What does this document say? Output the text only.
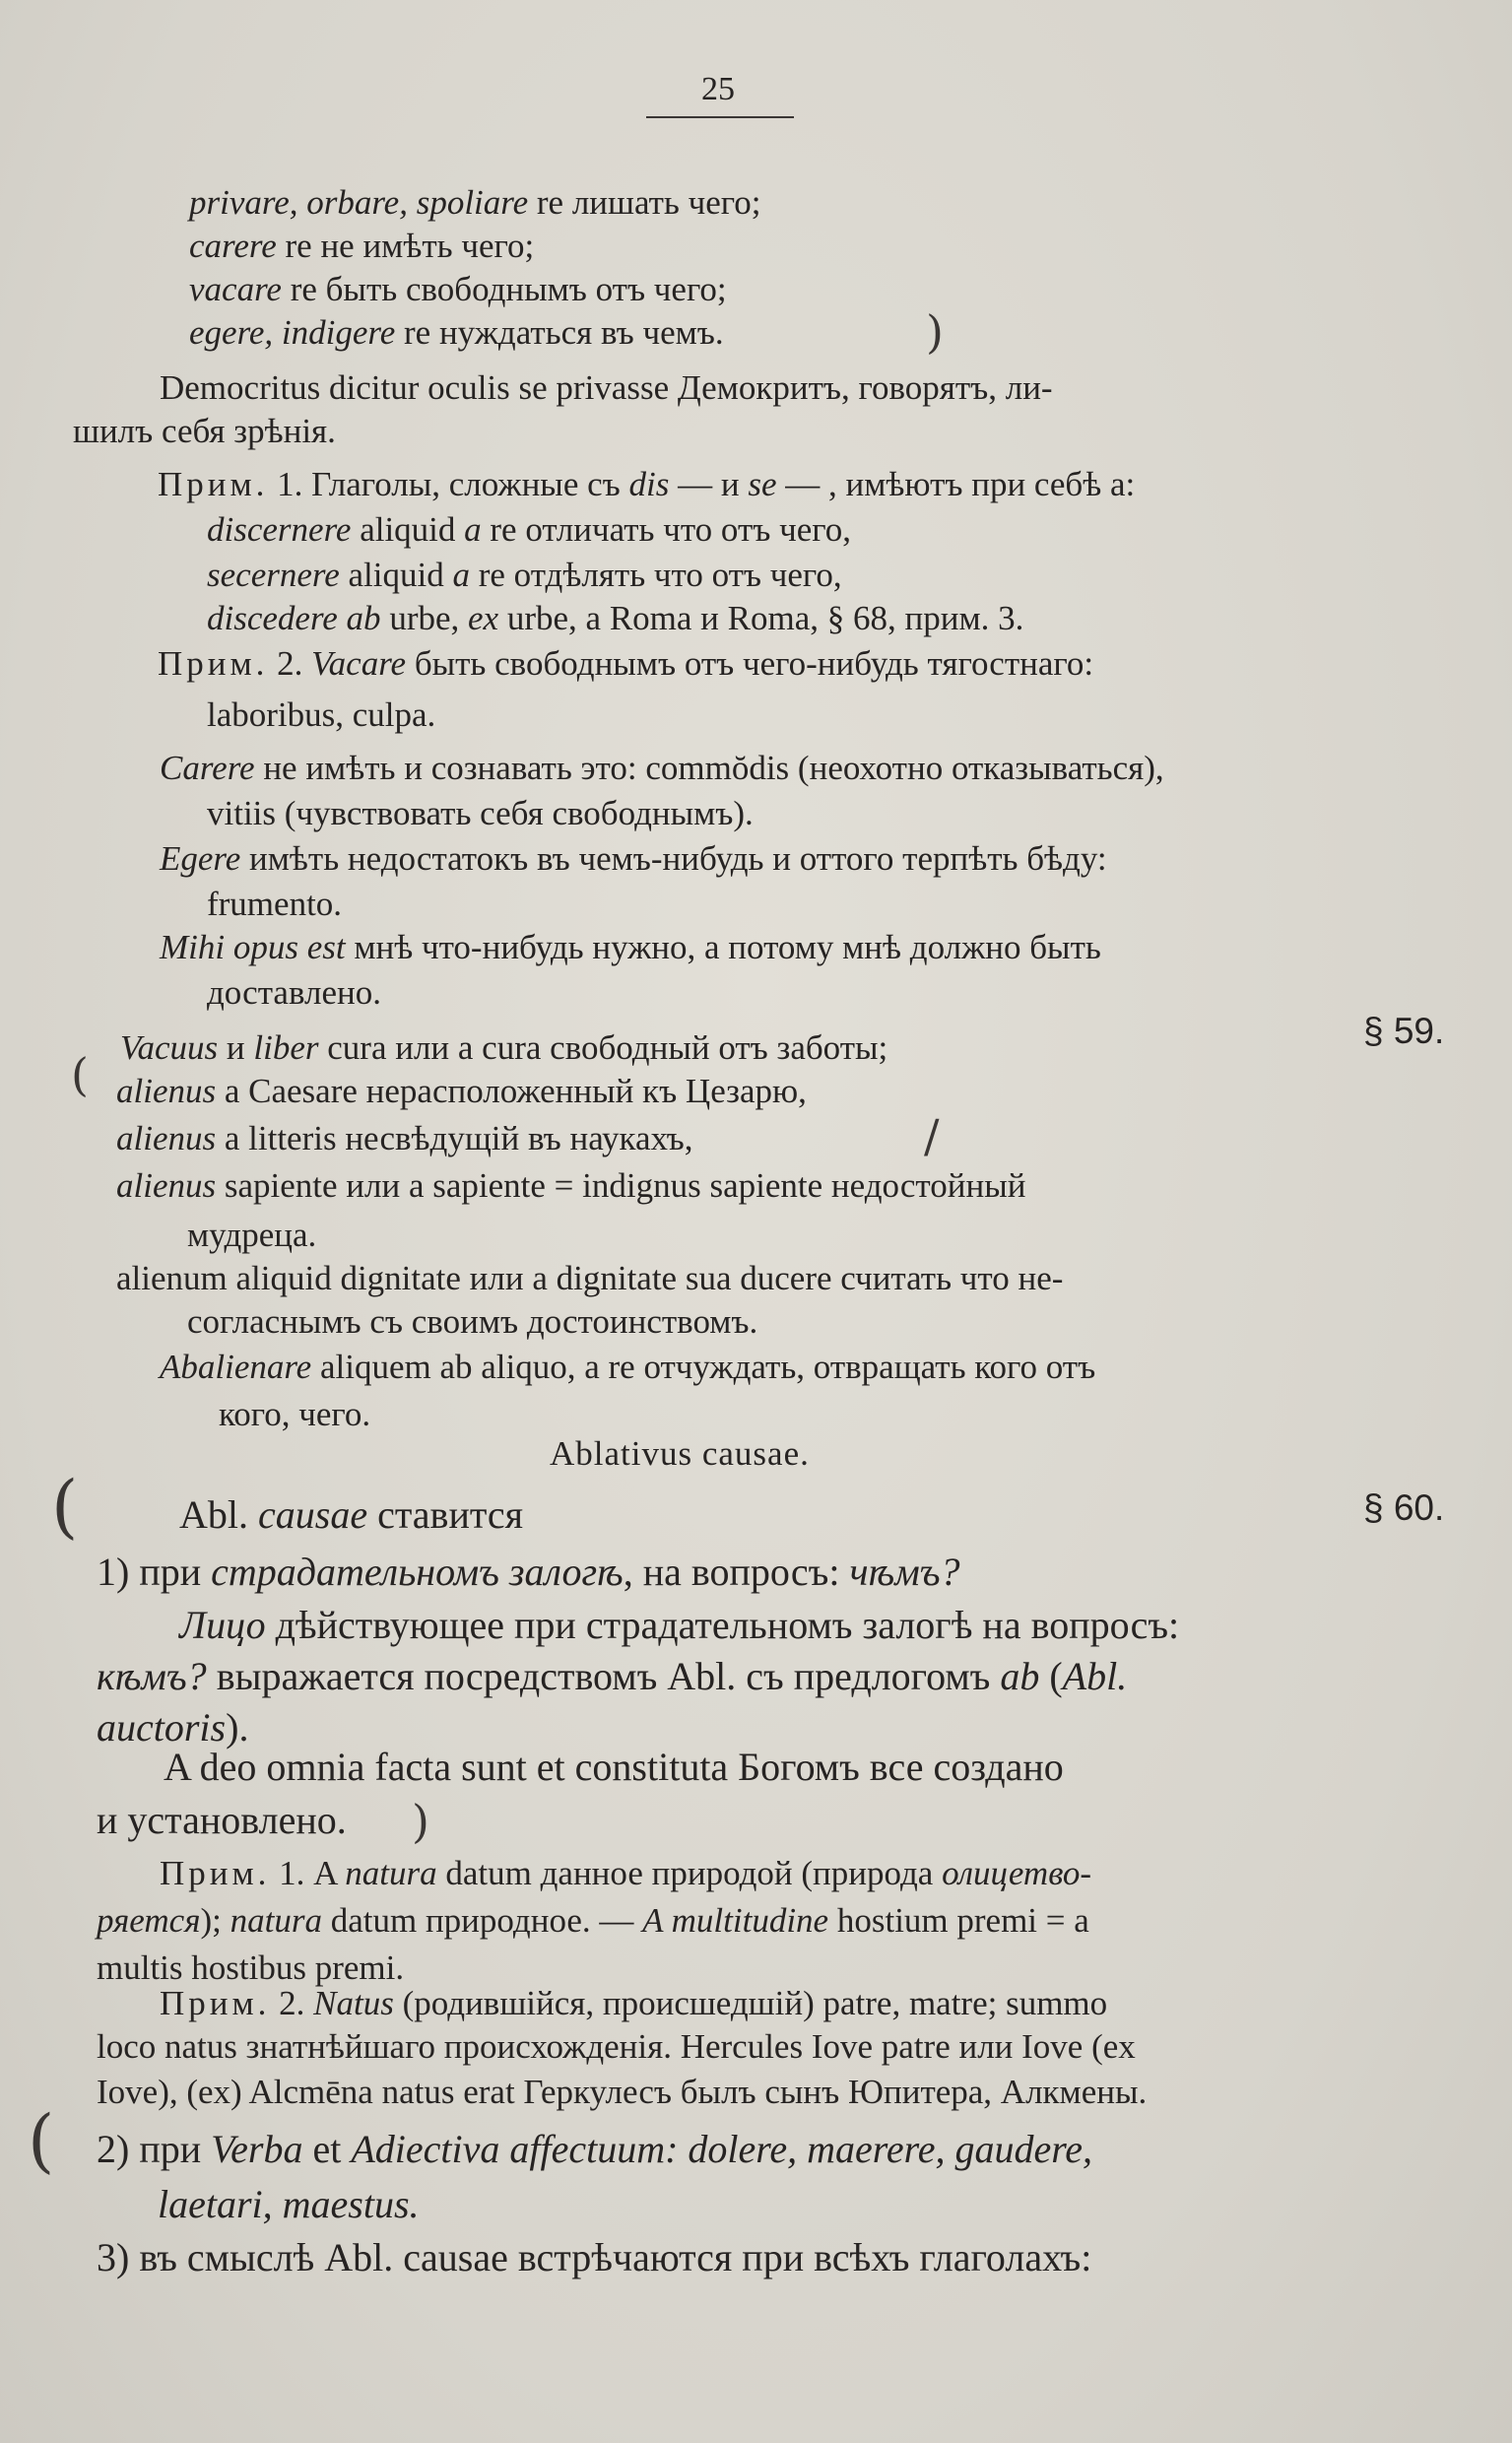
25
privare, orbare, spoliare re лишать чего;
carere re не имѣть чего;
vacare re быть свободнымъ отъ чего;
egere, indigere re нуждаться въ чемъ.
Democritus dicitur oculis se privasse Демокритъ, говорятъ, ли-
шилъ себя зрѣнія.
Прим. 1. Глаголы, сложные съ dis — и se — , имѣютъ при себѣ a:
discernere aliquid a re отличать что отъ чего,
secernere aliquid a re отдѣлять что отъ чего,
discedere ab urbe, ex urbe, a Roma и Roma, § 68, прим. 3.
Прим. 2. Vacare быть свободнымъ отъ чего-нибудь тягостнаго:
laboribus, culpa.
Carere не имѣть и сознавать это: commŏdis (неохотно отказываться),
vitiis (чувствовать себя свободнымъ).
Egere имѣть недостатокъ въ чемъ-нибудь и оттого терпѣть бѣду:
frumento.
Mihi opus est мнѣ что-нибудь нужно, а потому мнѣ должно быть
доставлено.
§ 59.
Vacuus и liber cura или a cura свободный отъ заботы;
alienus a Caesare нерасположенный къ Цезарю,
alienus a litteris несвѣдущій въ наукахъ,
alienus sapiente или a sapiente = indignus sapiente недостойный
мудреца.
alienum aliquid dignitate или a dignitate sua ducere считать что не-
согласнымъ съ своимъ достоинствомъ.
Abalienare aliquem ab aliquo, a re отчуждать, отвращать кого отъ
кого, чего.
Ablativus causae.
§ 60.
Abl. causae ставится
1) при страдательномъ залогѣ, на вопросъ: чѣмъ?
Лицо дѣйствующее при страдательномъ залогѣ на вопросъ:
кѣмъ? выражается посредствомъ Abl. съ предлогомъ ab (Abl.
auctoris).
A deo omnia facta sunt et constituta Богомъ все создано
и установлено.
Прим. 1. A natura datum данное природой (природа олицетво-
ряется); natura datum природное. — A multitudine hostium premi = a
multis hostibus premi.
Прим. 2. Natus (родившійся, происшедшій) patre, matre; summo
loco natus знатнѣйшаго происхожденія. Hercules Iove patre или Iove (ex
Iove), (ex) Alcmēna natus erat Геркулесъ былъ сынъ Юпитера, Алкмены.
2) при Verba et Adiectiva affectuum: dolere, maerere, gaudere,
laetari, maestus.
3) въ смыслѣ Abl. causae встрѣчаются при всѣхъ глаголахъ:
(
(
(
)
)
/
